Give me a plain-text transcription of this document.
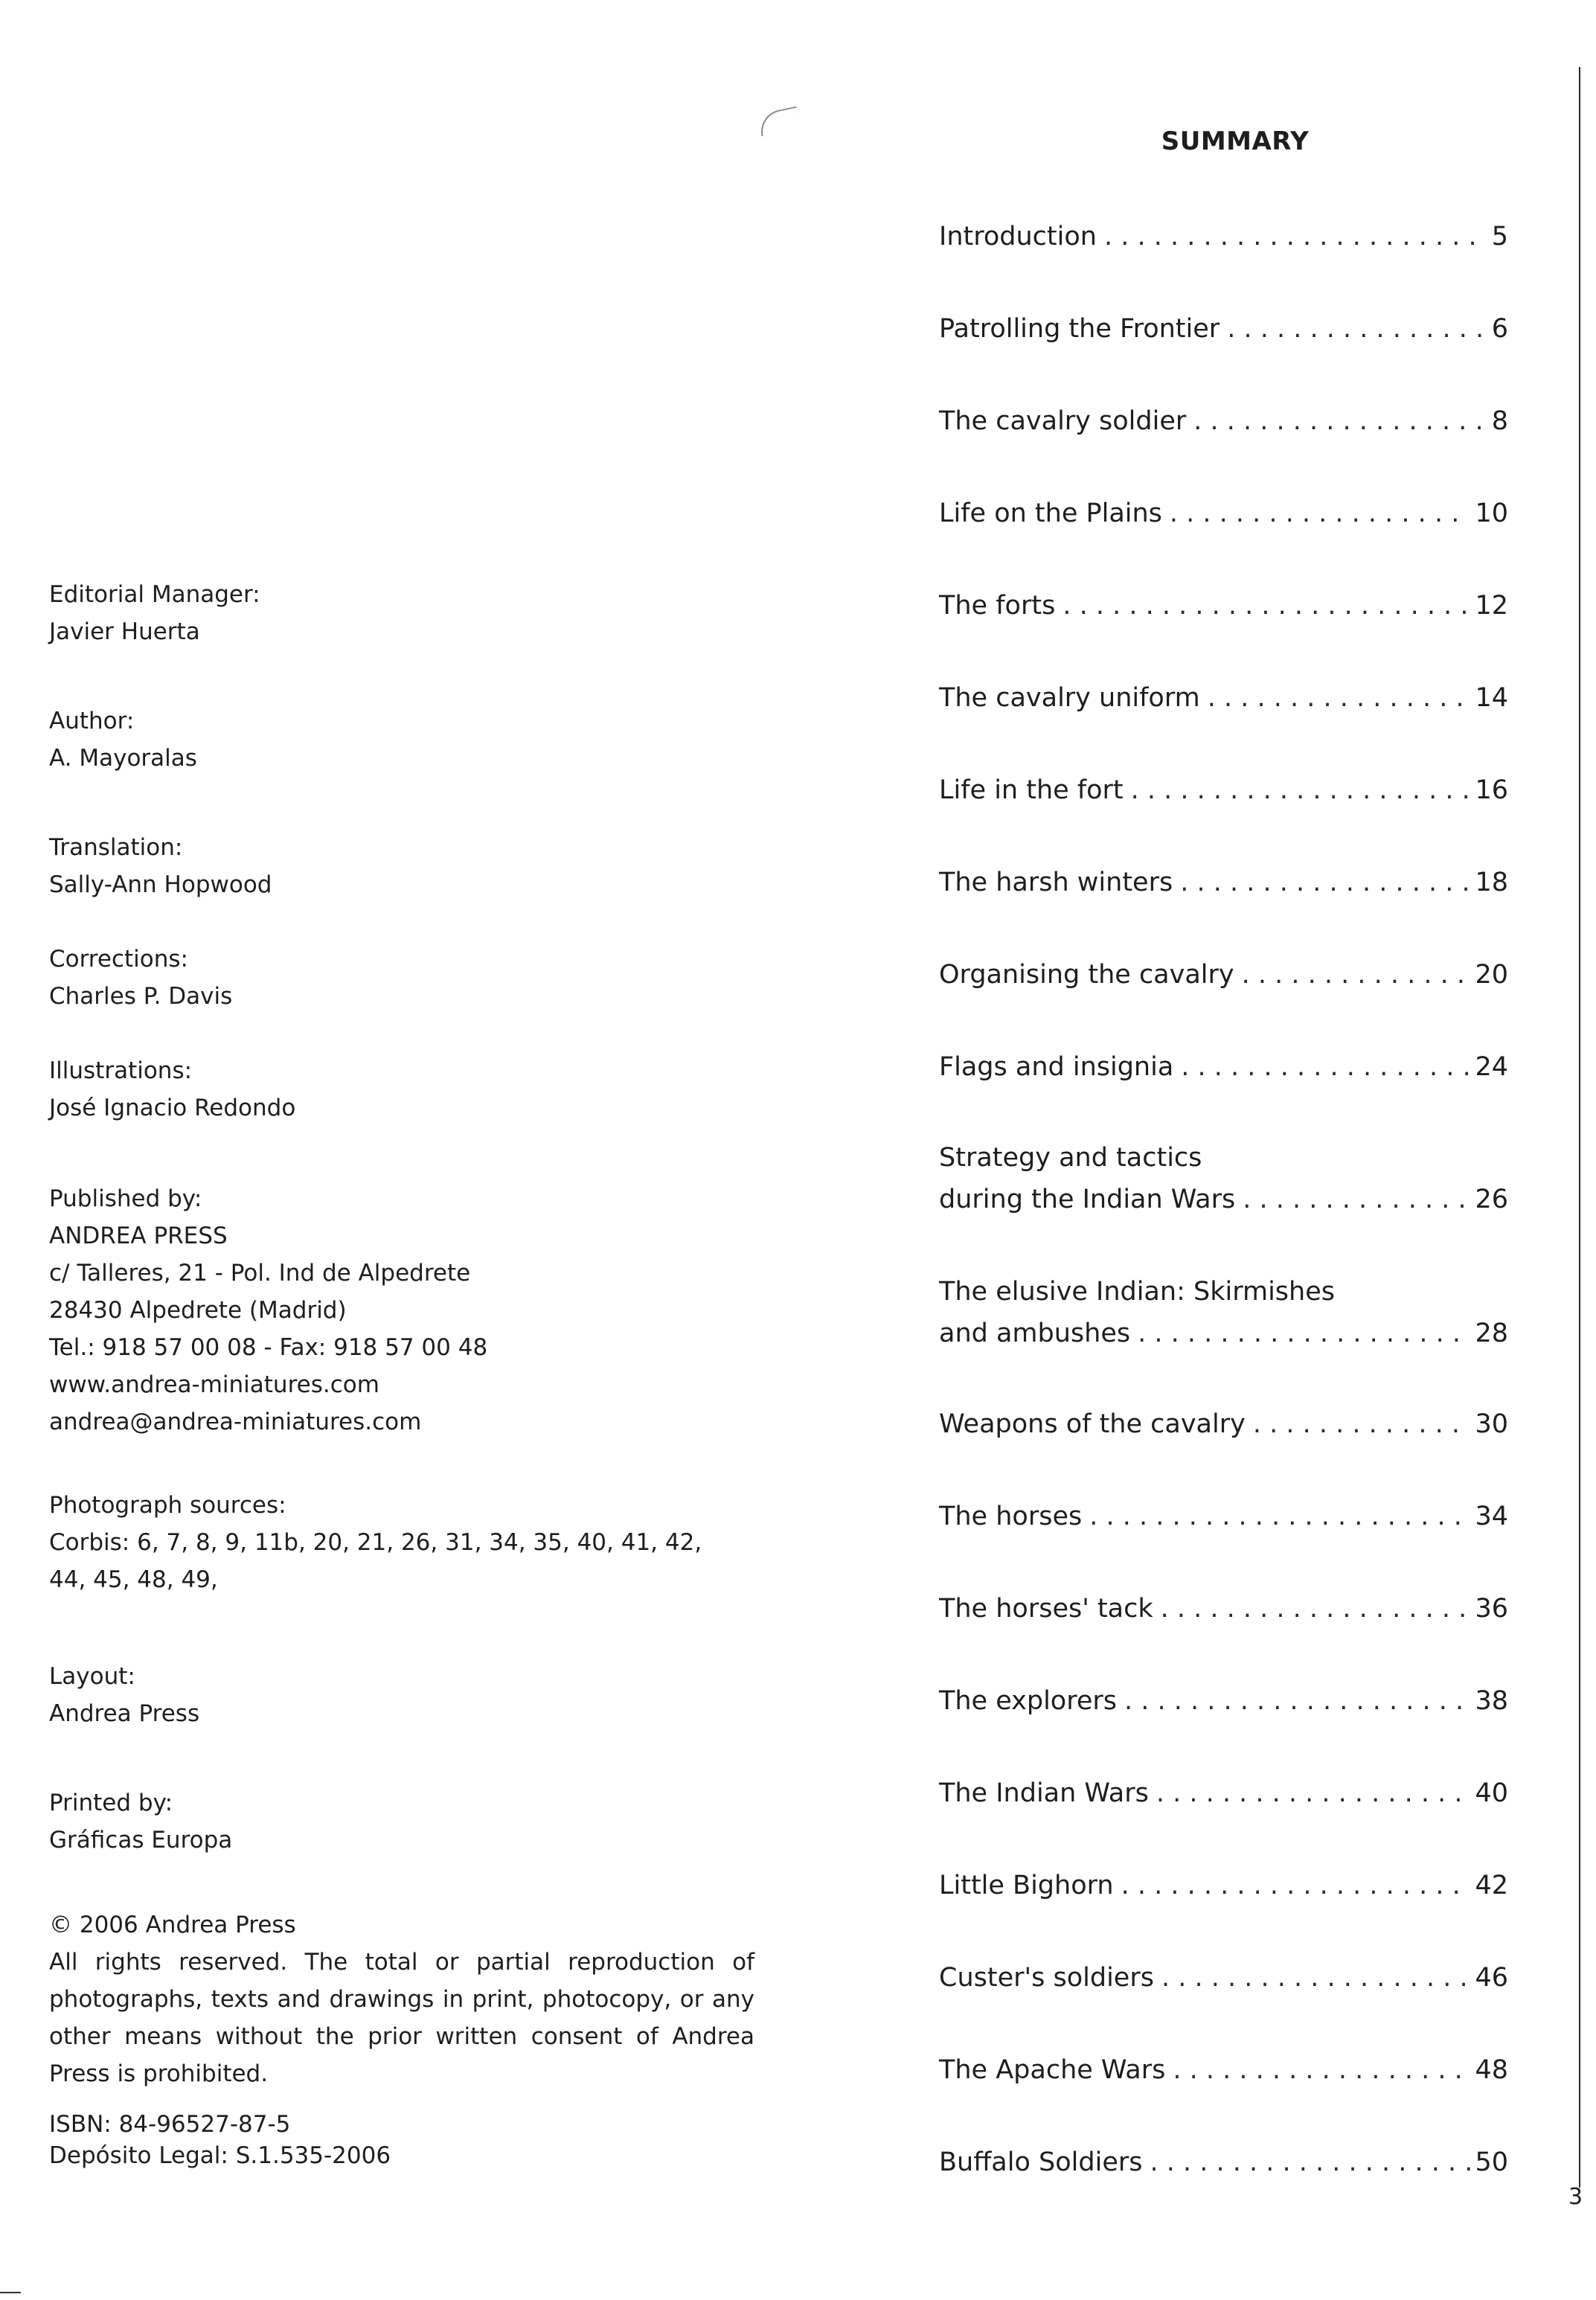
SUMMARY
Introduction . . .	5
Patrolling the Frontier . . .	6
The cavalry soldier . . .	8
Life on the Plains . . .	10
The forts . . .	12
The cavalry uniform . . .	14
Life in the fort . . .	16
The harsh winters . . .	18
Organising the cavalry . . .	20
Flags and insignia . . .	24
Strategy and tactics
during the Indian Wars . . .	26
The elusive Indian: Skirmishes
and ambushes . . .	28
Weapons of the cavalry . . .	30
The horses . . .	34
The horses' tack . . .	36
The explorers . . .	38
The Indian Wars . . .	40
Little Bighorn . . .	42
Custer's soldiers . . .	46
The Apache Wars . . .	48
Buffalo Soldiers . . .	50
Editorial Manager:
Javier Huerta
Author:
A. Mayoralas
Translation:
Sally-Ann Hopwood
Corrections:
Charles P. Davis
Illustrations:
José Ignacio Redondo
Published by:
ANDREA PRESS
c/ Talleres, 21 - Pol. Ind de Alpedrete
28430 Alpedrete (Madrid)
Tel.: 918 57 00 08 - Fax: 918 57 00 48
www.andrea-miniatures.com
andrea@andrea-miniatures.com
Photograph sources:
Corbis: 6, 7, 8, 9, 11b, 20, 21, 26, 31, 34, 35, 40, 41, 42,
44, 45, 48, 49,
Layout:
Andrea Press
Printed by:
Gráficas Europa
© 2006 Andrea Press
All rights reserved. The total or partial reproduction of photographs, texts and drawings in print, photocopy, or any other means without the prior written consent of Andrea Press is prohibited.
ISBN: 84-96527-87-5
Depósito Legal: S.1.535-2006
3
